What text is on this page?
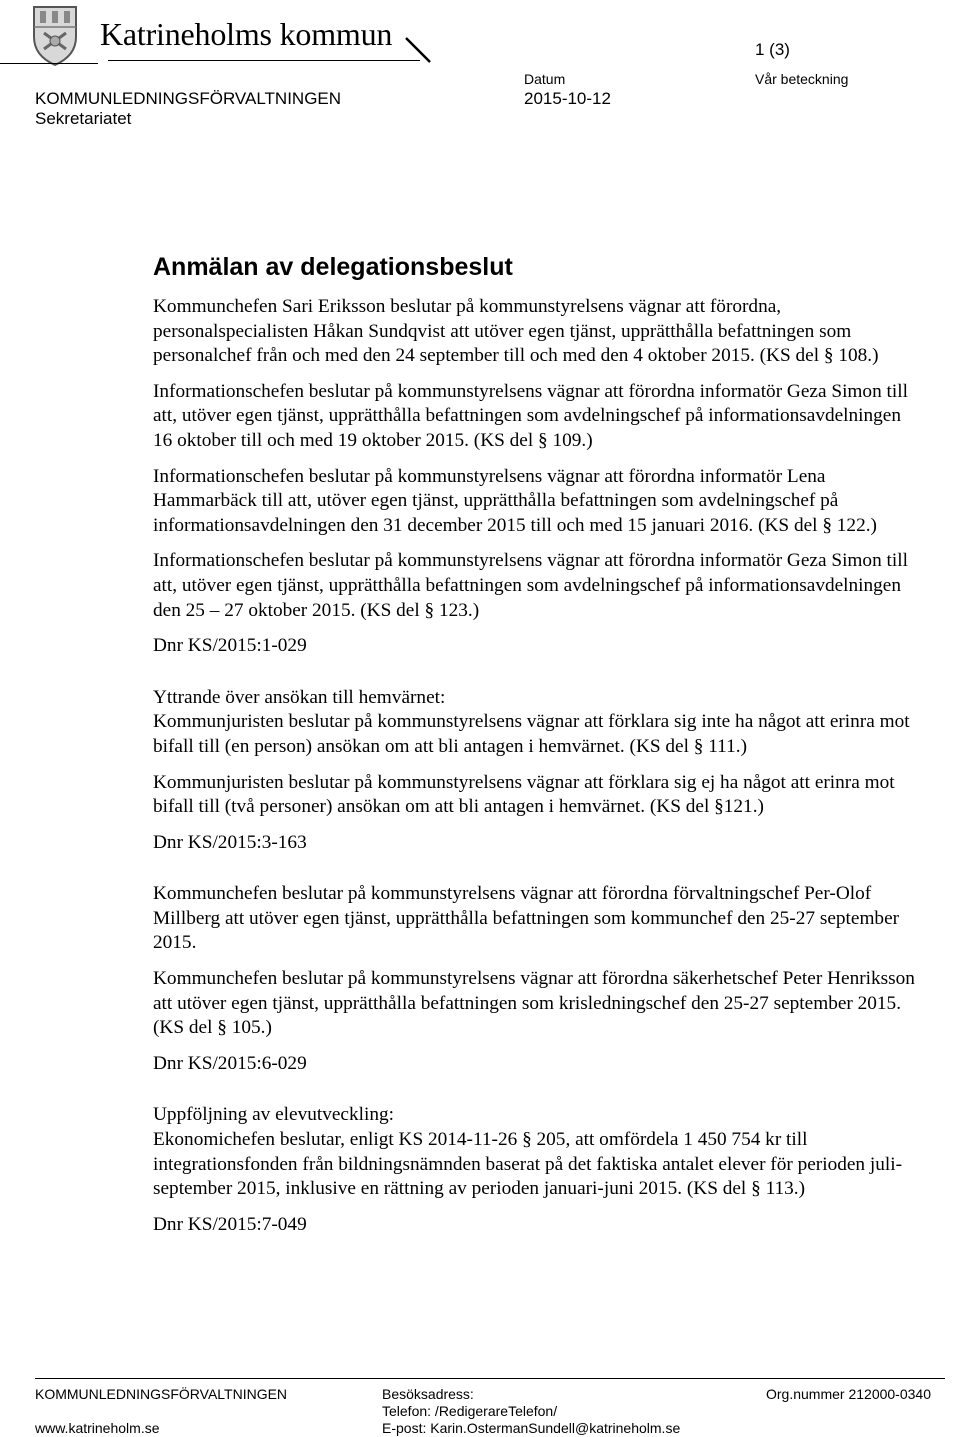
Katrineholms kommun	1 (3)
Datum	Vår beteckning
KOMMUNLEDNINGSFÖRVALTNINGEN	2015-10-12
Sekretariatet
Anmälan av delegationsbeslut

Kommunchefen Sari Eriksson beslutar på kommunstyrelsens vägnar att förordna, personalspecialisten Håkan Sundqvist att utöver egen tjänst, upprätthålla befattningen som personalchef från och med den 24 september till och med den 4 oktober 2015. (KS del § 108.)

Informationschefen beslutar på kommunstyrelsens vägnar att förordna informatör Geza Simon till att, utöver egen tjänst, upprätthålla befattningen som avdelningschef på informationsavdelningen 16 oktober till och med 19 oktober 2015. (KS del § 109.)

Informationschefen beslutar på kommunstyrelsens vägnar att förordna informatör Lena Hammarbäck till att, utöver egen tjänst, upprätthålla befattningen som avdelningschef på informationsavdelningen den 31 december 2015 till och med 15 januari 2016. (KS del § 122.)

Informationschefen beslutar på kommunstyrelsens vägnar att förordna informatör Geza Simon till att, utöver egen tjänst, upprätthålla befattningen som avdelningschef på informationsavdelningen den 25 – 27 oktober 2015. (KS del § 123.)

Dnr KS/2015:1-029

Yttrande över ansökan till hemvärnet:

Kommunjuristen beslutar på kommunstyrelsens vägnar att förklara sig inte ha något att erinra mot bifall till (en person) ansökan om att bli antagen i hemvärnet. (KS del § 111.)

Kommunjuristen beslutar på kommunstyrelsens vägnar att förklara sig ej ha något att erinra mot bifall till (två personer) ansökan om att bli antagen i hemvärnet. (KS del §121.)

Dnr KS/2015:3-163

Kommunchefen beslutar på kommunstyrelsens vägnar att förordna förvaltningschef Per-Olof Millberg att utöver egen tjänst, upprätthålla befattningen som kommunchef den 25-27 september 2015.

Kommunchefen beslutar på kommunstyrelsens vägnar att förordna säkerhetschef Peter Henriksson att utöver egen tjänst, upprätthålla befattningen som krisledningschef den 25-27 september 2015. (KS del § 105.)

Dnr KS/2015:6-029

Uppföljning av elevutveckling:

Ekonomichefen beslutar, enligt KS 2014-11-26 § 205, att omfördela 1 450 754 kr till integrationsfonden från bildningsnämnden baserat på det faktiska antalet elever för perioden juli-september 2015, inklusive en rättning av perioden januari-juni 2015. (KS del § 113.)

Dnr KS/2015:7-049

KOMMUNLEDNINGSFÖRVALTNINGEN
www.katrineholm.se
Besöksadress:
Telefon: /RedigerareTelefon/
E-post: Karin.OstermanSundell@katrineholm.se
Org.nummer 212000-0340
